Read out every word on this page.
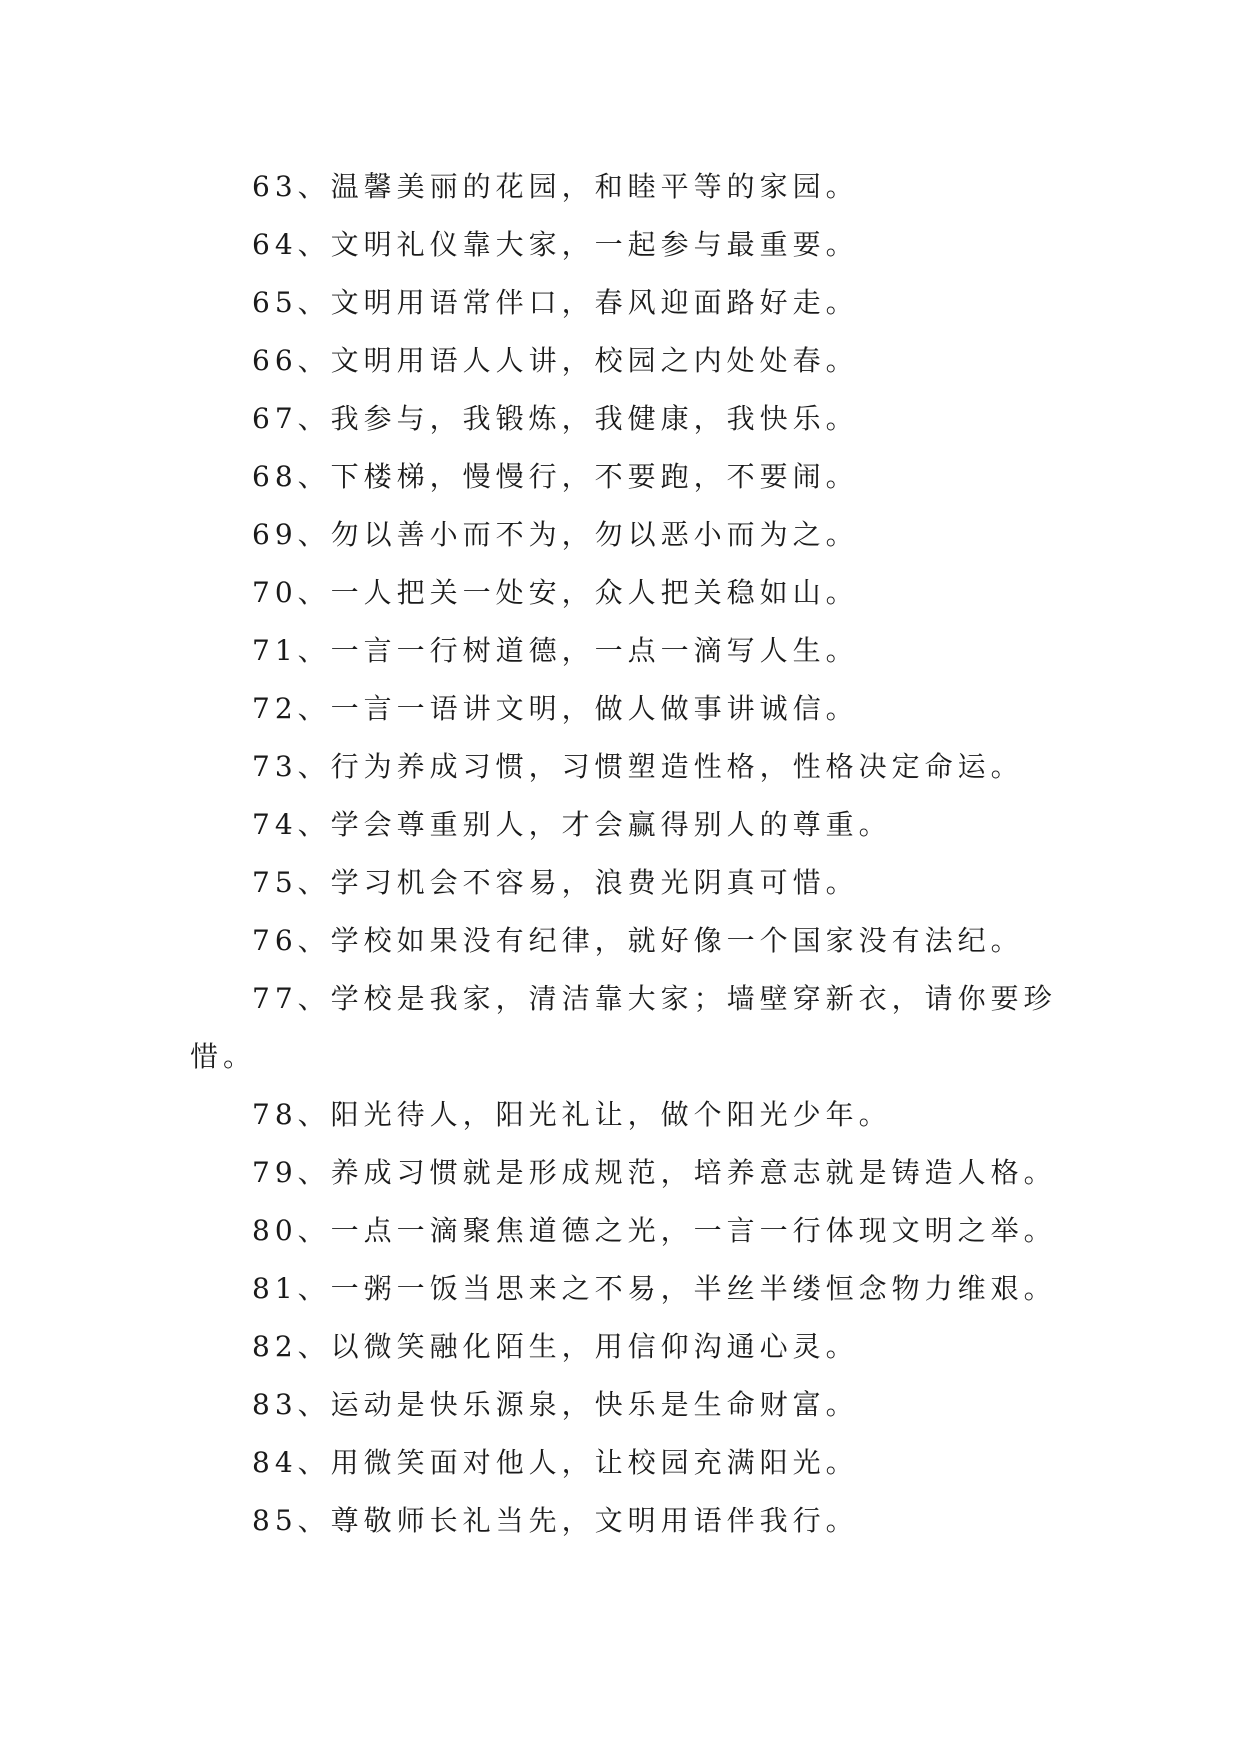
63、温馨美丽的花园，和睦平等的家园。

64、文明礼仪靠大家，一起参与最重要。

65、文明用语常伴口，春风迎面路好走。

66、文明用语人人讲，校园之内处处春。

67、我参与，我锻炼，我健康，我快乐。

68、下楼梯，慢慢行，不要跑，不要闹。

69、勿以善小而不为，勿以恶小而为之。

70、一人把关一处安，众人把关稳如山。

71、一言一行树道德，一点一滴写人生。

72、一言一语讲文明，做人做事讲诚信。

73、行为养成习惯，习惯塑造性格，性格决定命运。

74、学会尊重别人，才会赢得别人的尊重。

75、学习机会不容易，浪费光阴真可惜。

76、学校如果没有纪律，就好像一个国家没有法纪。

77、学校是我家，清洁靠大家；墙壁穿新衣，请你要珍惜。

78、阳光待人，阳光礼让，做个阳光少年。

79、养成习惯就是形成规范，培养意志就是铸造人格。

80、一点一滴聚焦道德之光，一言一行体现文明之举。

81、一粥一饭当思来之不易，半丝半缕恒念物力维艰。

82、以微笑融化陌生，用信仰沟通心灵。

83、运动是快乐源泉，快乐是生命财富。

84、用微笑面对他人，让校园充满阳光。

85、尊敬师长礼当先，文明用语伴我行。
